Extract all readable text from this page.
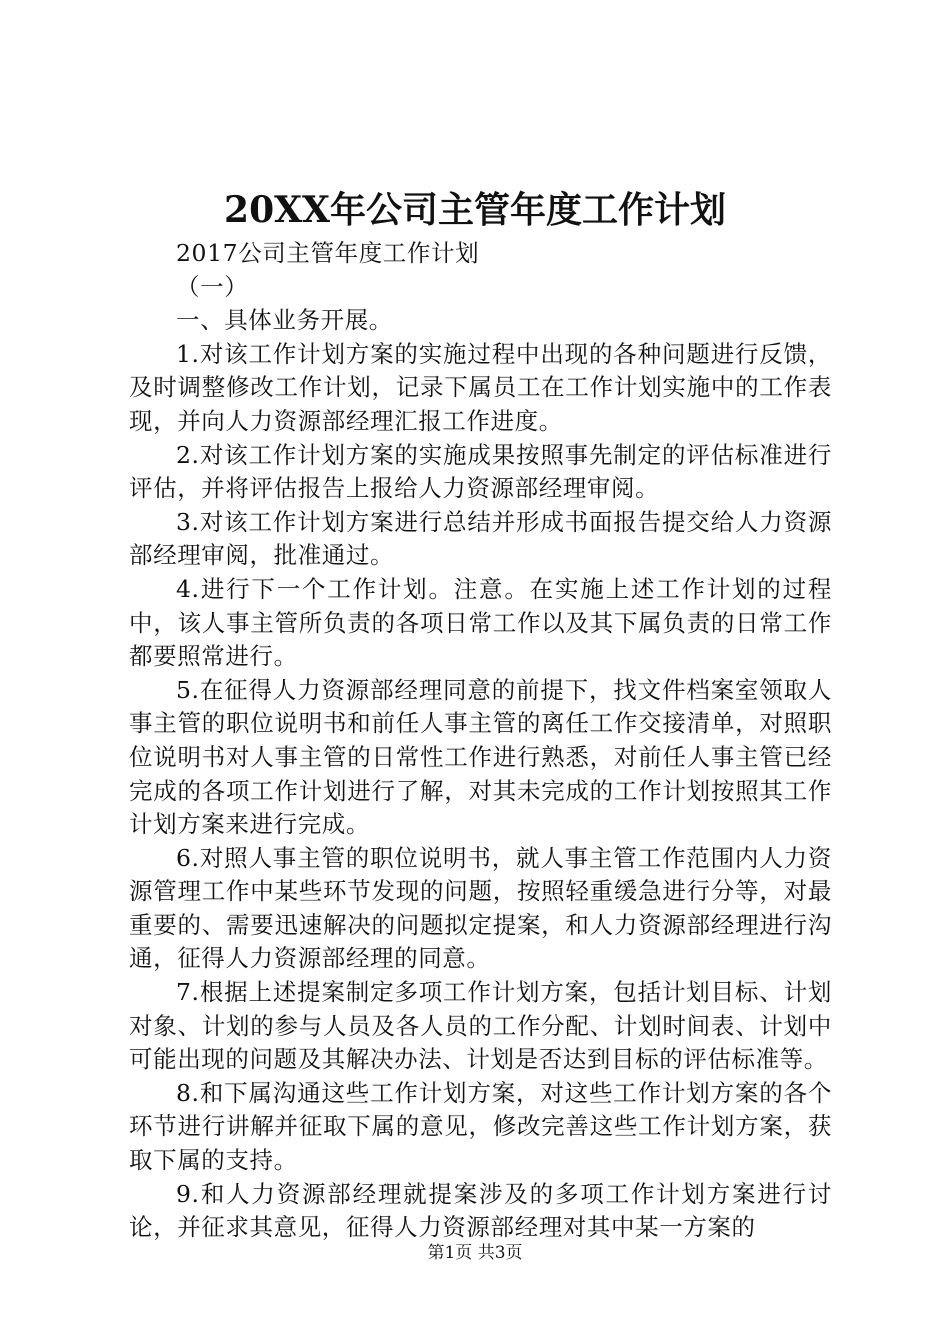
20XX年公司主管年度工作计划

2017公司主管年度工作计划

（一）

一、具体业务开展。

1.对该工作计划方案的实施过程中出现的各种问题进行反馈，及时调整修改工作计划，记录下属员工在工作计划实施中的工作表现，并向人力资源部经理汇报工作进度。

2.对该工作计划方案的实施成果按照事先制定的评估标准进行评估，并将评估报告上报给人力资源部经理审阅。

3.对该工作计划方案进行总结并形成书面报告提交给人力资源部经理审阅，批准通过。

4.进行下一个工作计划。注意。在实施上述工作计划的过程中，该人事主管所负责的各项日常工作以及其下属负责的日常工作都要照常进行。

5.在征得人力资源部经理同意的前提下，找文件档案室领取人事主管的职位说明书和前任人事主管的离任工作交接清单，对照职位说明书对人事主管的日常性工作进行熟悉，对前任人事主管已经完成的各项工作计划进行了解，对其未完成的工作计划按照其工作计划方案来进行完成。

6.对照人事主管的职位说明书，就人事主管工作范围内人力资源管理工作中某些环节发现的问题，按照轻重缓急进行分等，对最重要的、需要迅速解决的问题拟定提案，和人力资源部经理进行沟通，征得人力资源部经理的同意。

7.根据上述提案制定多项工作计划方案，包括计划目标、计划对象、计划的参与人员及各人员的工作分配、计划时间表、计划中可能出现的问题及其解决办法、计划是否达到目标的评估标准等。

8.和下属沟通这些工作计划方案，对这些工作计划方案的各个环节进行讲解并征取下属的意见，修改完善这些工作计划方案，获取下属的支持。

9.和人力资源部经理就提案涉及的多项工作计划方案进行讨论，并征求其意见，征得人力资源部经理对其中某一方案的

第1页 共3页
